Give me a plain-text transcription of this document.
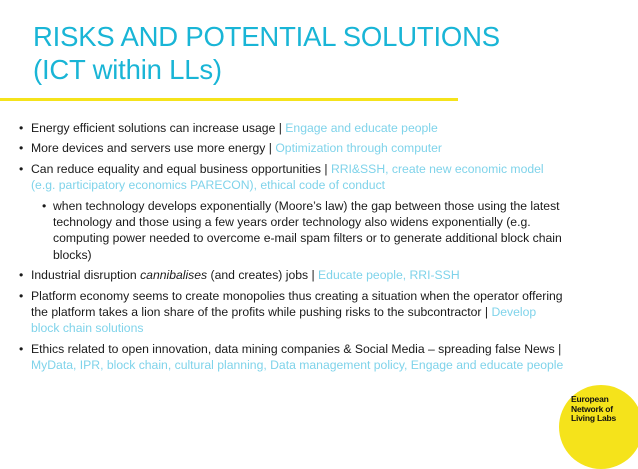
RISKS AND POTENTIAL SOLUTIONS
(ICT within LLs)
• Energy efficient solutions can increase usage | Engage and educate people
• More devices and servers use more energy | Optimization through computer
• Can reduce equality and equal business opportunities | RRI&SSH, create new economic model (e.g. participatory economics PARECON), ethical code of conduct
• when technology develops exponentially (Moore’s law) the gap between those using the latest technology and those using a few years order technology also widens exponentially (e.g. computing power needed to overcome e-mail spam filters or to generate additional block chain blocks)
• Industrial disruption cannibalises (and creates) jobs | Educate people, RRI-SSH
• Platform economy seems to create monopolies thus creating a situation when the operator offering the platform takes a lion share of the profits while pushing risks to the subcontractor | Develop block chain solutions
• Ethics related to open innovation, data mining companies & Social Media – spreading false News | MyData, IPR, block chain, cultural planning, Data management policy, Engage and educate people
European
Network of
Living Labs
